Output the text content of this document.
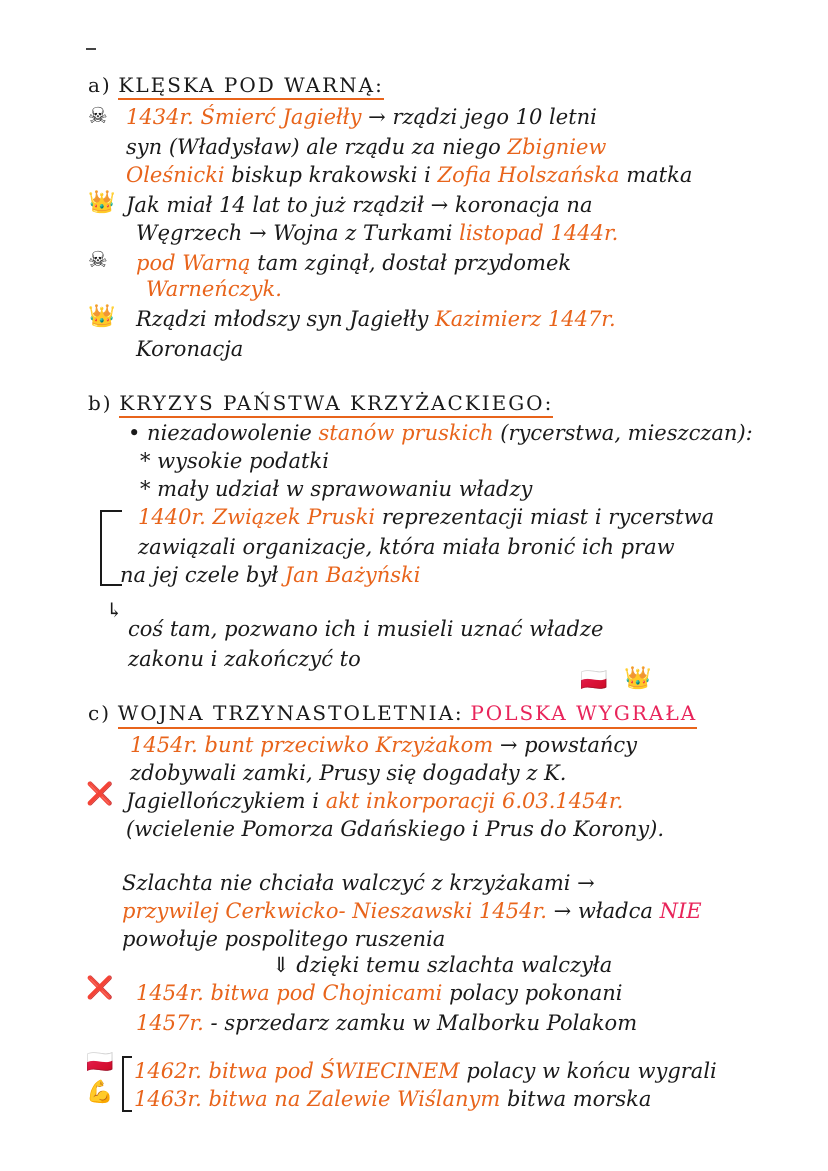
a) KLĘSKA POD WARNĄ:
☠ 1434r. Śmierć Jagiełły → rządzi jego 10 letni
syn (Władysław) ale rządu za niego Zbigniew
Oleśnicki biskup krakowski i Zofia Holszańska matka
👑 Jak miał 14 lat to już rządził → koronacja na
Węgrzech → Wojna z Turkami listopad 1444r.
☠ pod Warną tam zginął, dostał przydomek
Warneńczyk.
👑 Rządzi młodszy syn Jagiełły Kazimierz 1447r.
Koronacja
b) KRYZYS PAŃSTWA KRZYŻACKIEGO:
• niezadowolenie stanów pruskich (rycerstwa, mieszczan):
* wysokie podatki
* mały udział w sprawowaniu władzy
1440r. Związek Pruski reprezentacji miast i rycerstwa
zawiązali organizacje, która miała bronić ich praw
na jej czele był Jan Bażyński
↳
coś tam, pozwano ich i musieli uznać władze
zakonu i zakończyć to
🇵🇱 👑
c) WOJNA TRZYNASTOLETNIA: POLSKA WYGRAŁA
1454r. bunt przeciwko Krzyżakom → powstańcy
zdobywali zamki, Prusy się dogadały z K.
❌ Jagiellończykiem i akt inkorporacji 6.03.1454r.
(wcielenie Pomorza Gdańskiego i Prus do Korony).
Szlachta nie chciała walczyć z krzyżakami →
przywilej Cerkwicko- Nieszawski 1454r. → władca NIE
powołuje pospolitego ruszenia
⇓ dzięki temu szlachta walczyła
❌ 1454r. bitwa pod Chojnicami polacy pokonani
1457r. - sprzedarz zamku w Malborku Polakom
🇵🇱
💪
1462r. bitwa pod ŚWIECINEM polacy w końcu wygrali
1463r. bitwa na Zalewie Wiślanym bitwa morska
